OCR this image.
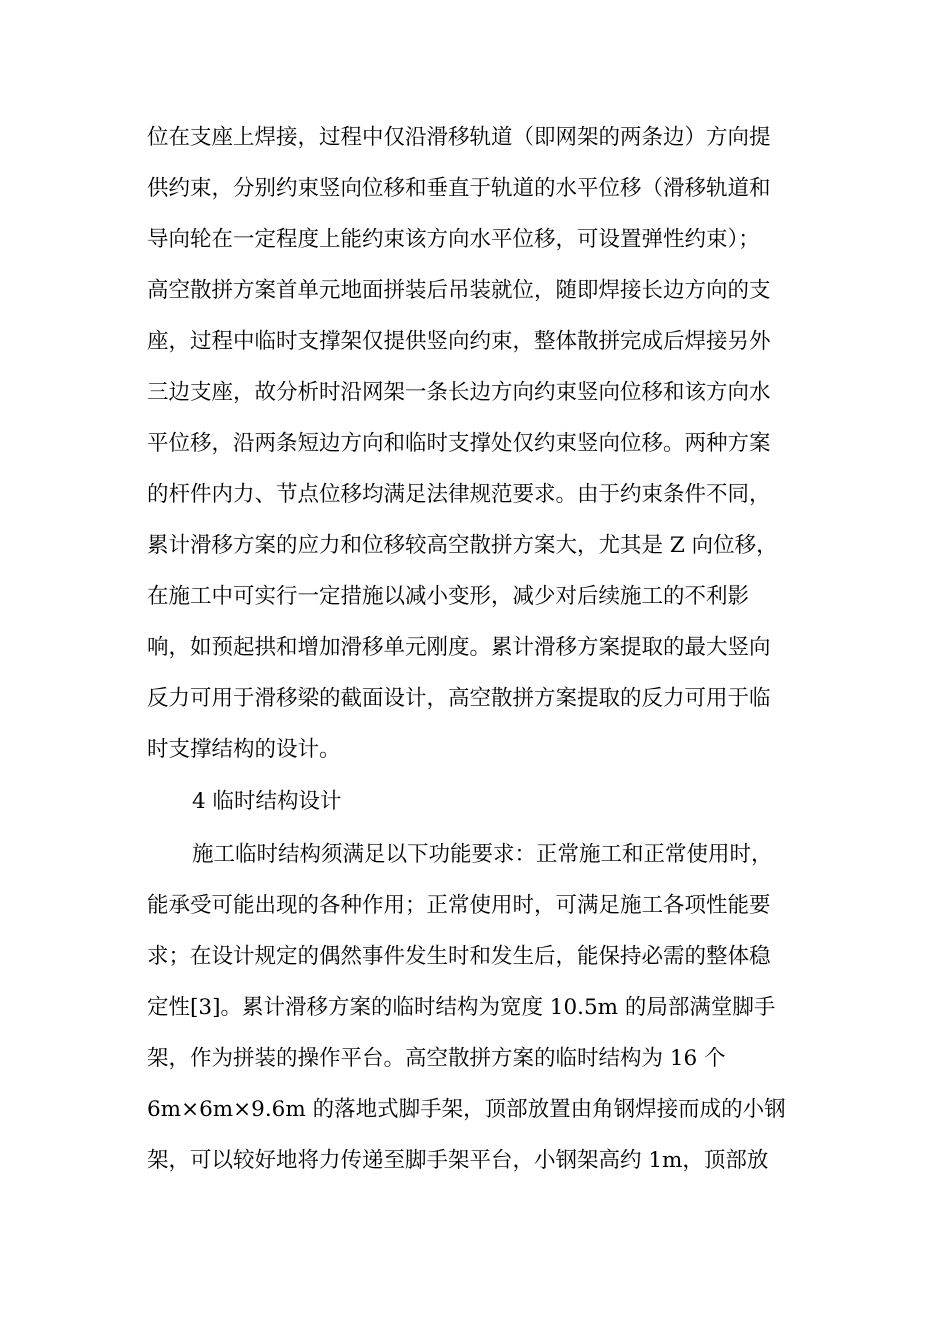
位在支座上焊接，过程中仅沿滑移轨道（即网架的两条边）方向提
供约束，分别约束竖向位移和垂直于轨道的水平位移（滑移轨道和
导向轮在一定程度上能约束该方向水平位移，可设置弹性约束）；
高空散拼方案首单元地面拼装后吊装就位，随即焊接长边方向的支
座，过程中临时支撑架仅提供竖向约束，整体散拼完成后焊接另外
三边支座，故分析时沿网架一条长边方向约束竖向位移和该方向水
平位移，沿两条短边方向和临时支撑处仅约束竖向位移。两种方案
的杆件内力、节点位移均满足法律规范要求。由于约束条件不同，
累计滑移方案的应力和位移较高空散拼方案大，尤其是 Z 向位移，
在施工中可实行一定措施以减小变形，减少对后续施工的不利影
响，如预起拱和增加滑移单元刚度。累计滑移方案提取的最大竖向
反力可用于滑移梁的截面设计，高空散拼方案提取的反力可用于临
时支撑结构的设计。
4 临时结构设计
施工临时结构须满足以下功能要求：正常施工和正常使用时，
能承受可能出现的各种作用；正常使用时，可满足施工各项性能要
求；在设计规定的偶然事件发生时和发生后，能保持必需的整体稳
定性[3]。累计滑移方案的临时结构为宽度 10.5m 的局部满堂脚手
架，作为拼装的操作平台。高空散拼方案的临时结构为 16 个
6m×6m×9.6m 的落地式脚手架，顶部放置由角钢焊接而成的小钢
架，可以较好地将力传递至脚手架平台，小钢架高约 1m，顶部放
